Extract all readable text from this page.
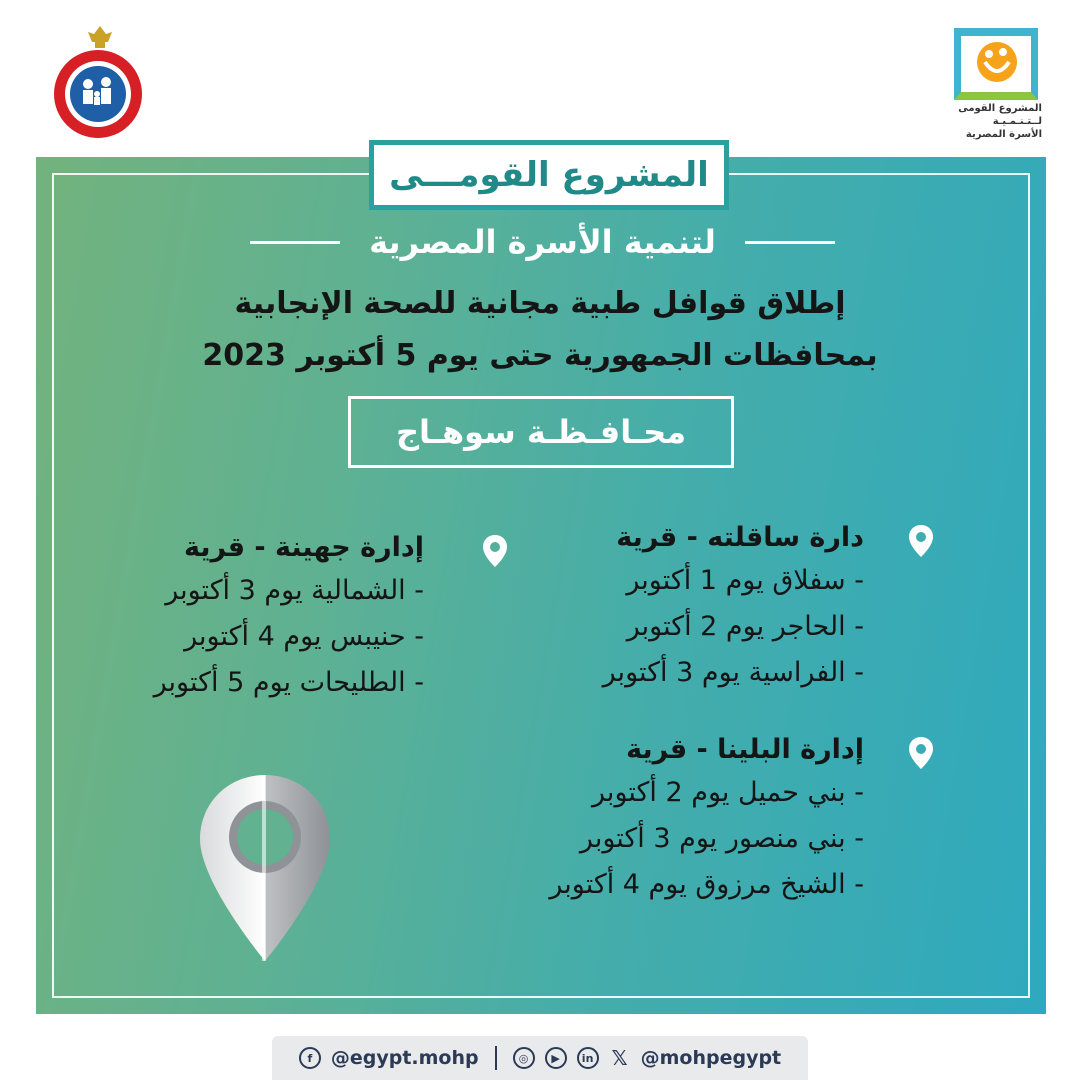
المشروع القومى
لــتـنـمـيـة
الأسرة المصرية
المشروع القومـــى
لتنمية الأسرة المصرية
إطلاق قوافل طبية مجانية للصحة الإنجابية
بمحافظات الجمهورية حتى يوم 5 أكتوبر 2023
محـافـظـة سوهـاج
دارة ساقلته - قرية
- سفلاق يوم 1 أكتوبر
- الحاجر يوم 2 أكتوبر
- الفراسية يوم 3 أكتوبر
إدارة البلينا - قرية
- بني حميل يوم 2 أكتوبر
- بني منصور يوم 3 أكتوبر
- الشيخ مرزوق يوم 4 أكتوبر
إدارة جهينة - قرية
- الشمالية يوم 3 أكتوبر
- حنيبس يوم 4 أكتوبر
- الطليحات يوم 5 أكتوبر
f @egypt.mohp	◎	▶	in 𝕏 @mohpegypt
